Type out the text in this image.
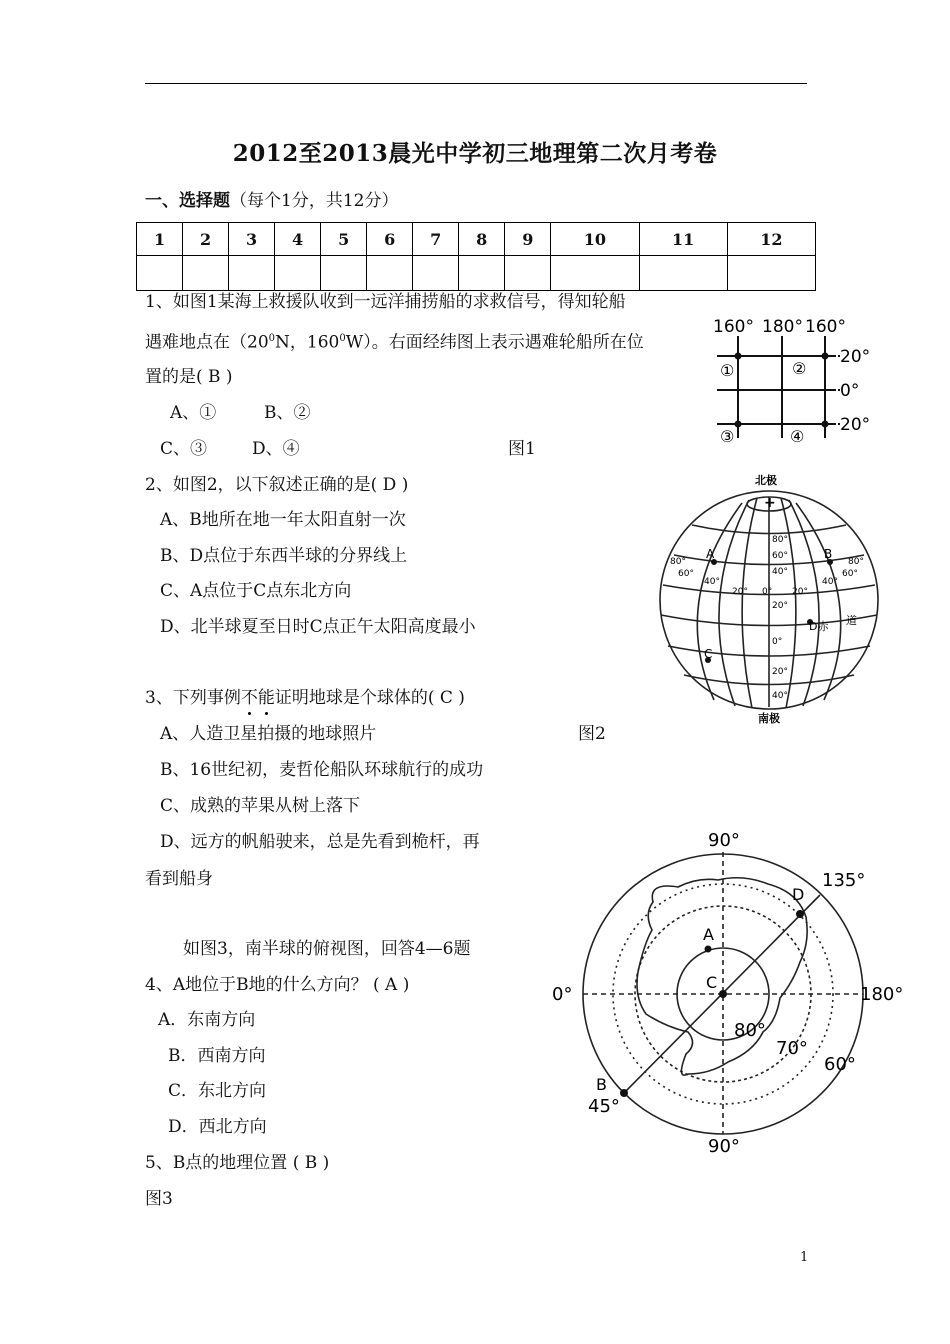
2012至2013晨光中学初三地理第二次月考卷
一、选择题（每个1分，共12分）
1	2	3	4	5	6	7	8	9	10	11	12

1、如图1某海上救援队收到一远洋捕捞船的求救信号，得知轮船
遇难地点在（$20^0N$，$160^0W$）。右面经纬图上表示遇难轮船所在位
置的是( B )
A、①	B、②
C、③	D、④	图1
160° 180° 160°
20°
0°
20°
①	②
③	④
2、如图2，以下叙述正确的是( D )
A、B地所在地一年太阳直射一次
B、D点位于东西半球的分界线上
C、A点位于C点东北方向
D、北半球夏至日时C点正午太阳高度最小
北极
南极
+
A	B
C
D赤 道
80°
60°
40°
20°
80°
60°
40°
20°
0°
80°
60°
40°
20°
0°
20°
40°
3、下列事例不能证明地球是个球体的( C )
A、人造卫星拍摄的地球照片	图2
B、16世纪初，麦哲伦船队环球航行的成功
C、成熟的苹果从树上落下
D、远方的帆船驶来，总是先看到桅杆，再
看到船身
如图3，南半球的俯视图，回答4—6题
4、A地位于B地的什么方向？ ( A )
A．东南方向
B．西南方向
C．东北方向
D．西北方向
5、B点的地理位置 ( B )
图3
90°
90°
0°	180°
135°
45°
80°
70°
60°
A
B
C
D
1
